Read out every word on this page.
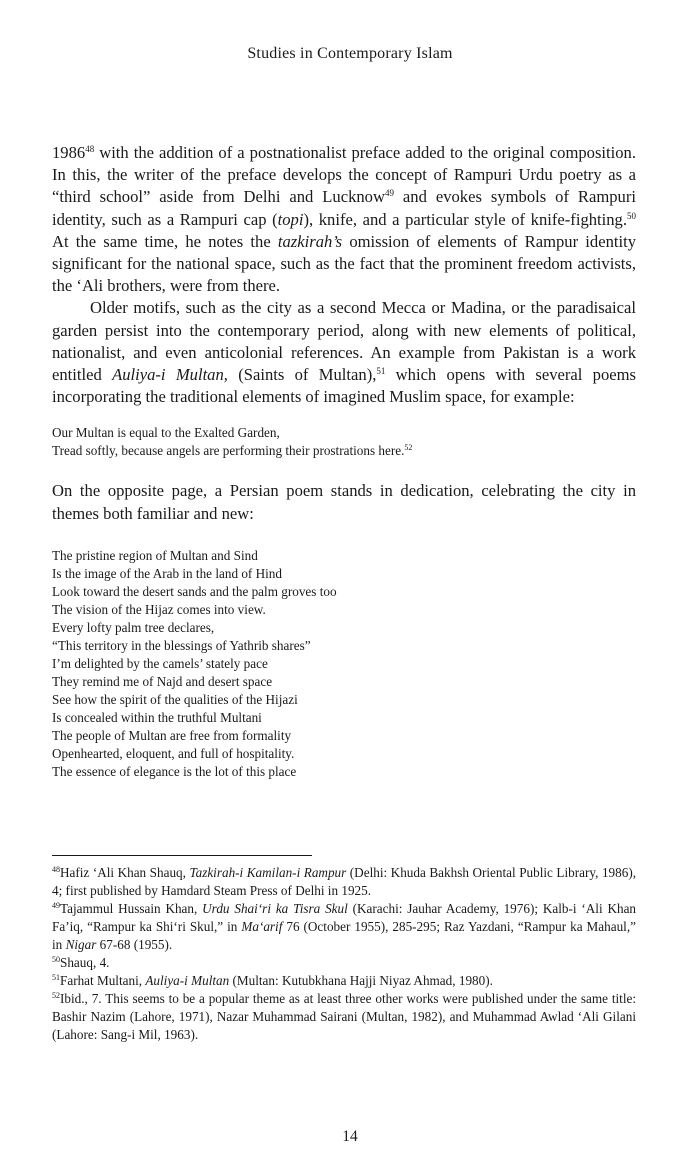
Studies in Contemporary Islam

1986$^{48}$ with the addition of a postnationalist preface added to the original composition. In this, the writer of the preface develops the concept of Rampuri Urdu poetry as a “third school” aside from Delhi and Lucknow$^{49}$ and evokes symbols of Rampuri identity, such as a Rampuri cap (topi), knife, and a particular style of knife-fighting.$^{50}$ At the same time, he notes the tazkirah’s omission of elements of Rampur identity significant for the national space, such as the fact that the prominent freedom activists, the ‘Ali brothers, were from there.

Older motifs, such as the city as a second Mecca or Madina, or the paradisaical garden persist into the contemporary period, along with new elements of political, nationalist, and even anticolonial references. An example from Pakistan is a work entitled Auliya-i Multan, (Saints of Multan),$^{51}$ which opens with several poems incorporating the traditional elements of imagined Muslim space, for example:

Our Multan is equal to the Exalted Garden,
Tread softly, because angels are performing their prostrations here.$^{52}$

On the opposite page, a Persian poem stands in dedication, celebrating the city in themes both familiar and new:

The pristine region of Multan and Sind
Is the image of the Arab in the land of Hind
Look toward the desert sands and the palm groves too
The vision of the Hijaz comes into view.
Every lofty palm tree declares,
“This territory in the blessings of Yathrib shares”
I’m delighted by the camels’ stately pace
They remind me of Najd and desert space
See how the spirit of the qualities of the Hijazi
Is concealed within the truthful Multani
The people of Multan are free from formality
Openhearted, eloquent, and full of hospitality.
The essence of elegance is the lot of this place

$^{48}$Hafiz ‘Ali Khan Shauq, Tazkirah-i Kamilan-i Rampur (Delhi: Khuda Bakhsh Oriental Public Library, 1986), 4; first published by Hamdard Steam Press of Delhi in 1925.

$^{49}$Tajammul Hussain Khan, Urdu Shai‘ri ka Tisra Skul (Karachi: Jauhar Academy, 1976); Kalb-i ‘Ali Khan Fa’iq, “Rampur ka Shi‘ri Skul,” in Ma‘arif 76 (October 1955), 285-295; Raz Yazdani, “Rampur ka Mahaul,” in Nigar 67-68 (1955).

$^{50}$Shauq, 4.

$^{51}$Farhat Multani, Auliya-i Multan (Multan: Kutubkhana Hajji Niyaz Ahmad, 1980).

$^{52}$Ibid., 7. This seems to be a popular theme as at least three other works were published under the same title: Bashir Nazim (Lahore, 1971), Nazar Muhammad Sairani (Multan, 1982), and Muhammad Awlad ‘Ali Gilani (Lahore: Sang-i Mil, 1963).

14
